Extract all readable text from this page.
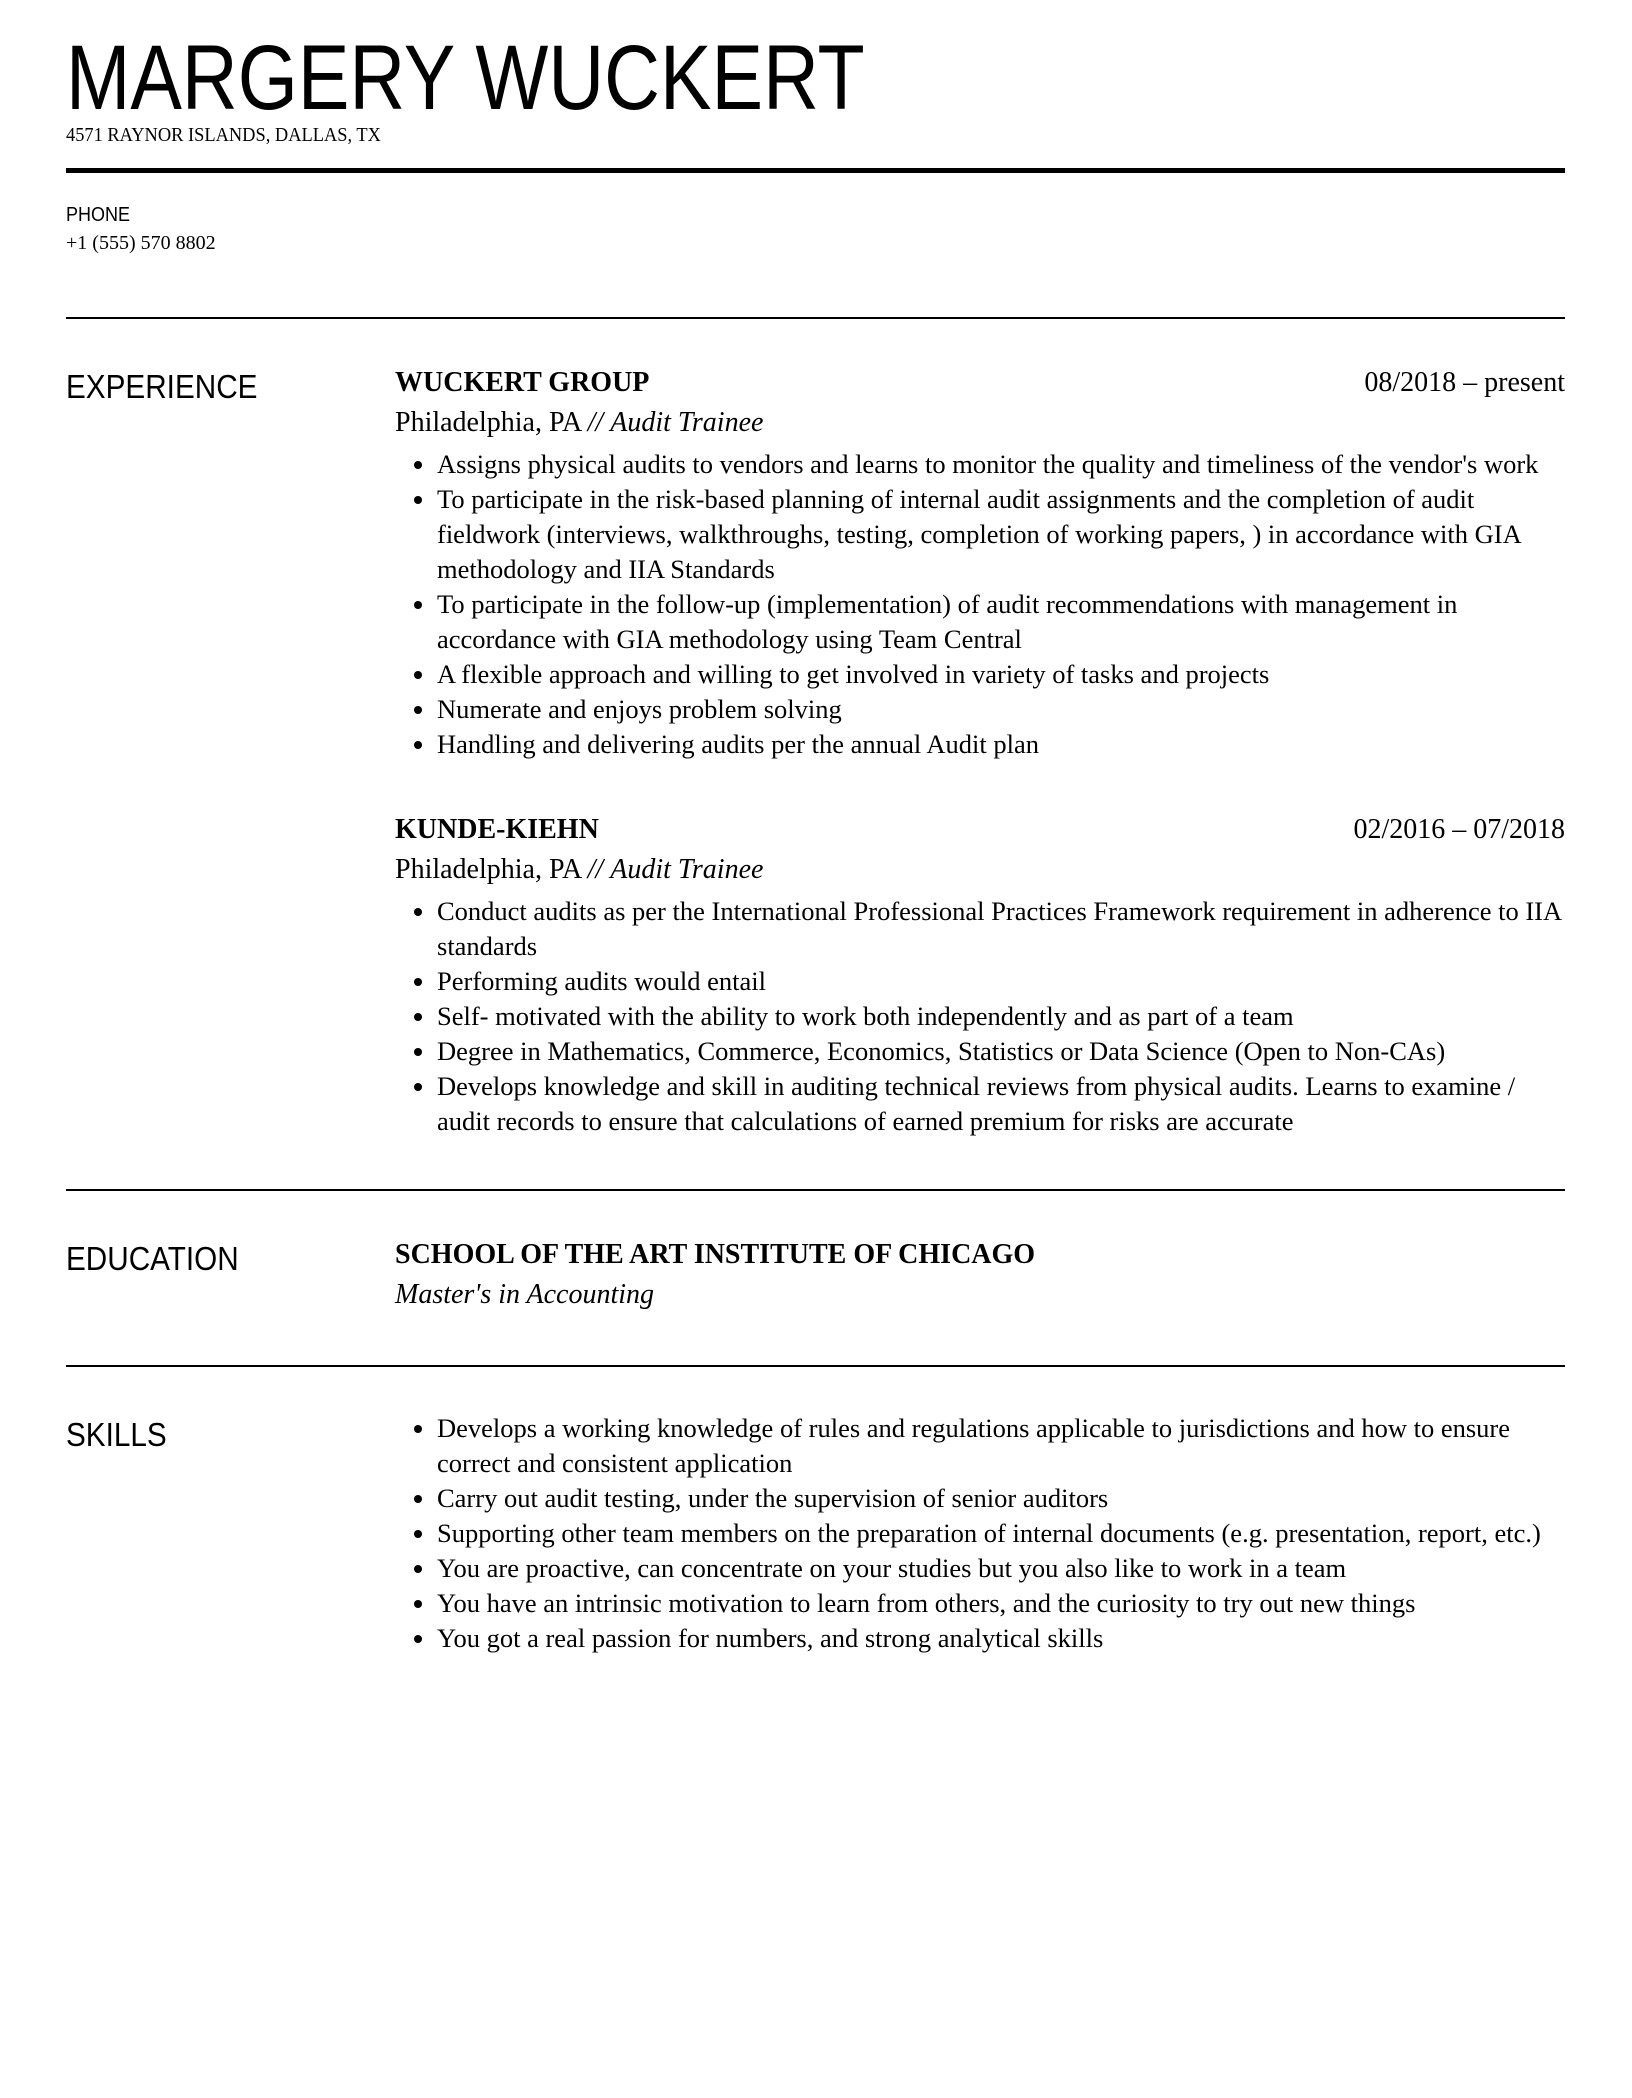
MARGERY WUCKERT
4571 RAYNOR ISLANDS, DALLAS, TX
PHONE
+1 (555) 570 8802
EXPERIENCE	WUCKERT GROUP	08/2018 – present
Philadelphia, PA // Audit Trainee
• Assigns physical audits to vendors and learns to monitor the quality and timeliness of the vendor's work
• To participate in the risk-based planning of internal audit assignments and the completion of audit fieldwork (interviews, walkthroughs, testing, completion of working papers, ) in accordance with GIA methodology and IIA Standards
• To participate in the follow-up (implementation) of audit recommendations with management in accordance with GIA methodology using Team Central
• A flexible approach and willing to get involved in variety of tasks and projects
• Numerate and enjoys problem solving
• Handling and delivering audits per the annual Audit plan
KUNDE-KIEHN	02/2016 – 07/2018
Philadelphia, PA // Audit Trainee
• Conduct audits as per the International Professional Practices Framework requirement in adherence to IIA standards
• Performing audits would entail
• Self- motivated with the ability to work both independently and as part of a team
• Degree in Mathematics, Commerce, Economics, Statistics or Data Science (Open to Non-CAs)
• Develops knowledge and skill in auditing technical reviews from physical audits. Learns to examine / audit records to ensure that calculations of earned premium for risks are accurate
EDUCATION	SCHOOL OF THE ART INSTITUTE OF CHICAGO
Master's in Accounting
SKILLS	• Develops a working knowledge of rules and regulations applicable to jurisdictions and how to ensure correct and consistent application
• Carry out audit testing, under the supervision of senior auditors
• Supporting other team members on the preparation of internal documents (e.g. presentation, report, etc.)
• You are proactive, can concentrate on your studies but you also like to work in a team
• You have an intrinsic motivation to learn from others, and the curiosity to try out new things
• You got a real passion for numbers, and strong analytical skills
